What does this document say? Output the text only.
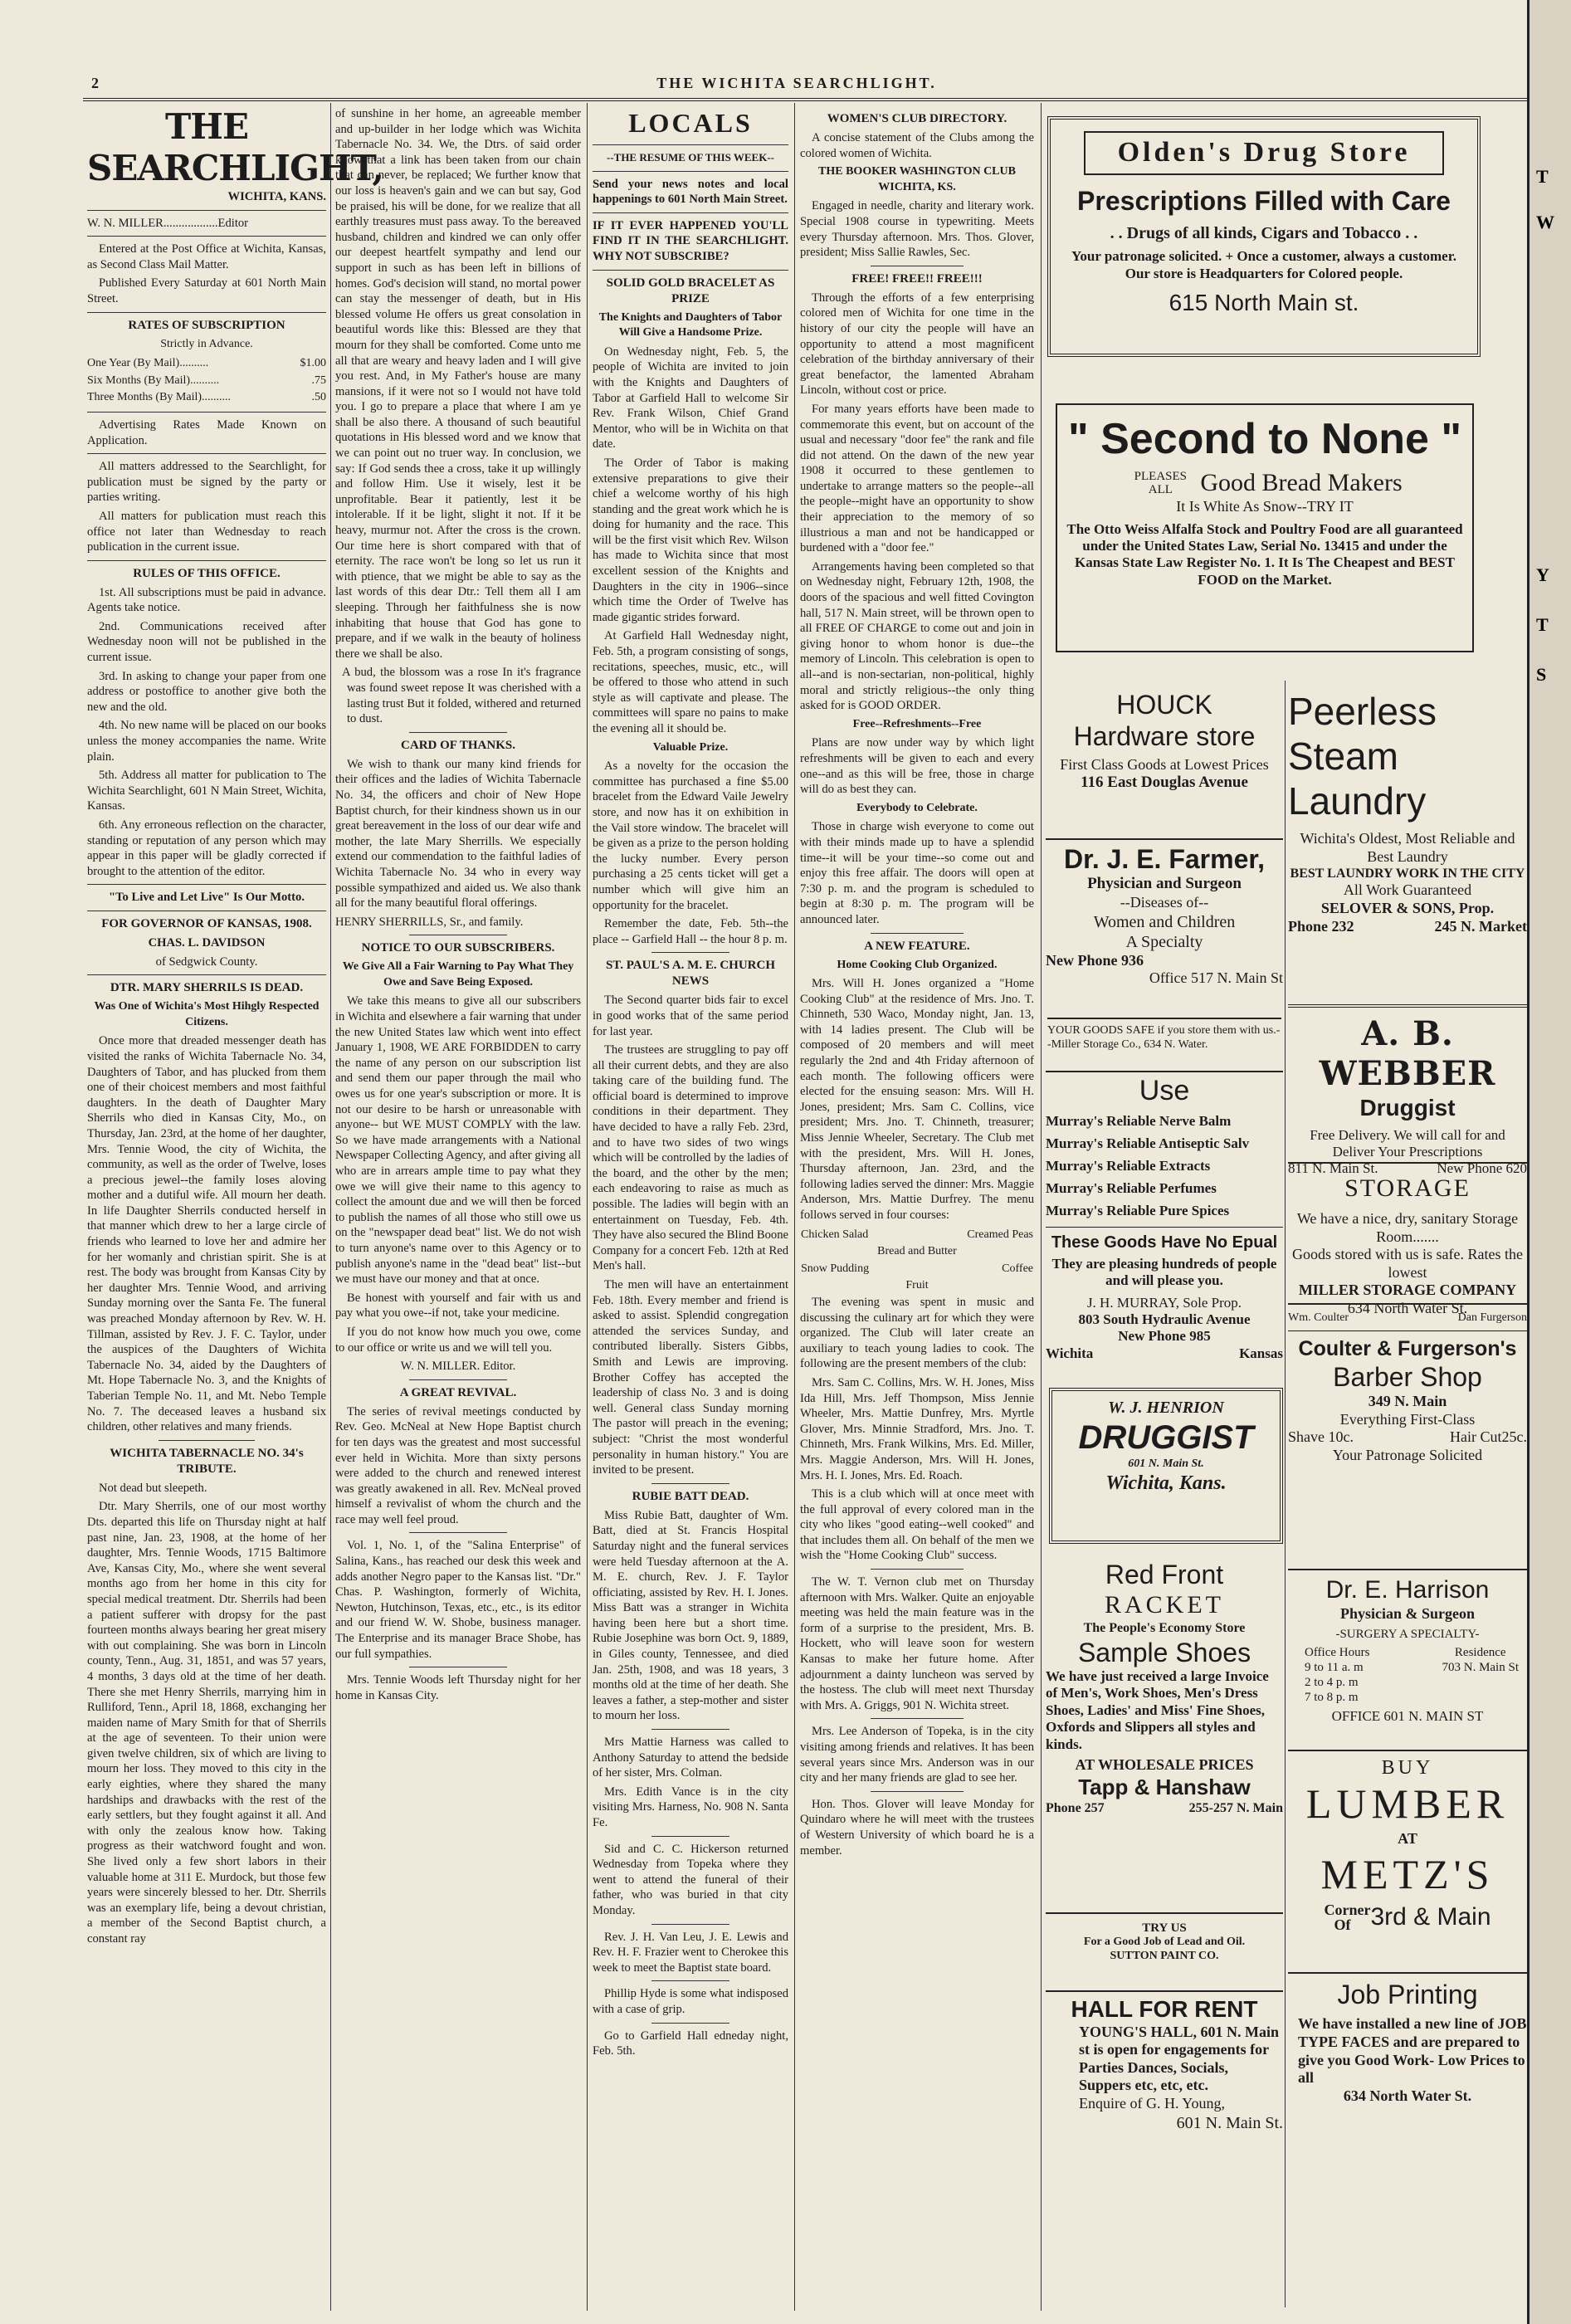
2	THE WICHITA SEARCHLIGHT.
THE SEARCHLIGHT,

WICHITA, KANS.

W. N. MILLER..................Editor

Entered at the Post Office at Wichita, Kansas, as Second Class Mail Matter.

Published Every Saturday at 601 North Main Street.

RATES OF SUBSCRIPTION
Strictly in Advance.
One Year (By Mail)..........	$1.00
Six Months (By Mail)..........	.75
Three Months (By Mail)..........	.50

Advertising Rates Made Known on Application.

All matters addressed to the Searchlight, for publication must be signed by the party or parties writing.

All matters for publication must reach this office not later than Wednesday to reach publication in the current issue.

RULES OF THIS OFFICE.

1st. All subscriptions must be paid in advance. Agents take notice.

2nd. Communications received after Wednesday noon will not be published in the current issue.

3rd. In asking to change your paper from one address or postoffice to another give both the new and the old.

4th. No new name will be placed on our books unless the money accompanies the name. Write plain.

5th. Address all matter for publication to The Wichita Searchlight, 601 N Main Street, Wichita, Kansas.

6th. Any erroneous reflection on the character, standing or reputation of any person which may appear in this paper will be gladly corrected if brought to the attention of the editor.

"To Live and Let Live" Is Our Motto.

FOR GOVERNOR OF KANSAS, 1908.

CHAS. L. DAVIDSON

of Sedgwick County.

DTR. MARY SHERRILS IS DEAD.
Was One of Wichita's Most Hihgly Respected Citizens.

Once more that dreaded messenger death has visited the ranks of Wichita Tabernacle No. 34, Daughters of Tabor, and has plucked from them one of their choicest members and most faithful daughters. In the death of Daughter Mary Sherrils who died in Kansas City, Mo., on Thursday, Jan. 23rd, at the home of her daughter, Mrs. Tennie Wood, the city of Wichita, the community, as well as the order of Twelve, loses a precious jewel--the family loses aloving mother and a dutiful wife. All mourn her death. In life Daughter Sherrils conducted herself in that manner which drew to her a large circle of friends who learned to love her and admire her for her womanly and christian spirit. She is at rest. The body was brought from Kansas City by her daughter Mrs. Tennie Wood, and arriving Sunday morning over the Santa Fe. The funeral was preached Monday afternoon by Rev. W. H. Tillman, assisted by Rev. J. F. C. Taylor, under the auspices of the Daughters of Wichita Tabernacle No. 34, aided by the Daughters of Mt. Hope Tabernacle No. 3, and the Knights of Taberian Temple No. 11, and Mt. Nebo Temple No. 7. The deceased leaves a husband six children, other relatives and many friends.

WICHITA TABERNACLE NO. 34's TRIBUTE.

Not dead but sleepeth.

Dtr. Mary Sherrils, one of our most worthy Dts. departed this life on Thursday night at half past nine, Jan. 23, 1908, at the home of her daughter, Mrs. Tennie Woods, 1715 Baltimore Ave, Kansas City, Mo., where she went several months ago from her home in this city for special medical treatment. Dtr. Sherrils had been a patient sufferer with dropsy for the past fourteen months always bearing her great misery with out complaining. She was born in Lincoln county, Tenn., Aug. 31, 1851, and was 57 years, 4 months, 3 days old at the time of her death. There she met Henry Sherrils, marrying him in Rulliford, Tenn., April 18, 1868, exchanging her maiden name of Mary Smith for that of Sherrils at the age of seventeen. To their union were given twelve children, six of which are living to mourn her loss. They moved to this city in the early eighties, where they shared the many hardships and drawbacks with the rest of the early settlers, but they fought against it all. And with only the zealous know how. Taking progress as their watchword fought and won. She lived only a few short labors in their valuable home at 311 E. Murdock, but those few years were sincerely blessed to her. Dtr. Sherrils was an exemplary life, being a devout christian, a member of the Second Baptist church, a constant ray

of sunshine in her home, an agreeable member and up-builder in her lodge which was Wichita Tabernacle No. 34. We, the Dtrs. of said order know that a link has been taken from our chain that can never, be replaced; We further know that our loss is heaven's gain and we can but say, God be praised, his will be done, for we realize that all earthly treasures must pass away. To the bereaved husband, children and kindred we can only offer our deepest heartfelt sympathy and lend our support in such as has been left in billions of homes. God's decision will stand, no mortal power can stay the messenger of death, but in His blessed volume He offers us great consolation in beautiful words like this: Blessed are they that mourn for they shall be comforted. Come unto me all that are weary and heavy laden and I will give you rest. And, in My Father's house are many mansions, if it were not so I would not have told you. I go to prepare a place that where I am ye shall be also there. A thousand of such beautiful quotations in His blessed word and we know that we can point out no truer way. In conclusion, we say: If God sends thee a cross, take it up willingly and follow Him. Use it wisely, lest it be unprofitable. Bear it patiently, lest it be intolerable. If it be light, slight it not. If it be heavy, murmur not. After the cross is the crown. Our time here is short compared with that of eternity. The race won't be long so let us run it with ptience, that we might be able to say as the last words of this dear Dtr.: Tell them all I am sleeping. Through her faithfulness she is now inhabiting that house that God has gone to prepare, and if we walk in the beauty of holiness there we shall be also.

A bud, the blossom was a rose In it's fragrance was found sweet repose It was cherished with a lasting trust But it folded, withered and returned to dust.

CARD OF THANKS.

We wish to thank our many kind friends for their offices and the ladies of Wichita Tabernacle No. 34, the officers and choir of New Hope Baptist church, for their kindness shown us in our great bereavement in the loss of our dear wife and mother, the late Mary Sherrills. We especially extend our commendation to the faithful ladies of Wichita Tabernacle No. 34 who in every way possible sympathized and aided us. We also thank all for the many beautiful floral offerings.

HENRY SHERRILLS, Sr., and family.

NOTICE TO OUR SUBSCRIBERS.
We Give All a Fair Warning to Pay What They Owe and Save Being Exposed.

We take this means to give all our subscribers in Wichita and elsewhere a fair warning that under the new United States law which went into effect January 1, 1908, WE ARE FORBIDDEN to carry the name of any person on our subscription list and send them our paper through the mail who owes us for one year's subscription or more. It is not our desire to be harsh or unreasonable with anyone-- but WE MUST COMPLY with the law. So we have made arrangements with a National Newspaper Collecting Agency, and after giving all who are in arrears ample time to pay what they owe we will give their name to this agency to collect the amount due and we will then be forced to publish the names of all those who still owe us on the "newspaper dead beat" list. We do not wish to turn anyone's name over to this Agency or to publish anyone's name in the "dead beat" list--but we must have our money and that at once.

Be honest with yourself and fair with us and pay what you owe--if not, take your medicine.

If you do not know how much you owe, come to our office or write us and we will tell you.

W. N. MILLER. Editor.

A GREAT REVIVAL.

The series of revival meetings conducted by Rev. Geo. McNeal at New Hope Baptist church for ten days was the greatest and most successful ever held in Wichita. More than sixty persons were added to the church and renewed interest was greatly awakened in all. Rev. McNeal proved himself a revivalist of whom the church and the race may well feel proud.

Vol. 1, No. 1, of the "Salina Enterprise" of Salina, Kans., has reached our desk this week and adds another Negro paper to the Kansas list. "Dr." Chas. P. Washington, formerly of Wichita, Newton, Hutchinson, Texas, etc., etc., is its editor and our friend W. W. Shobe, business manager. The Enterprise and its manager Brace Shobe, has our full sympathies.

Mrs. Tennie Woods left Thursday night for her home in Kansas City.

LOCALS

--THE RESUME OF THIS WEEK--

Send your news notes and local happenings to 601 North Main Street.

IF IT EVER HAPPENED YOU'LL FIND IT IN THE SEARCHLIGHT. WHY NOT SUBSCRIBE?

SOLID GOLD BRACELET AS PRIZE
The Knights and Daughters of Tabor Will Give a Handsome Prize.

On Wednesday night, Feb. 5, the people of Wichita are invited to join with the Knights and Daughters of Tabor at Garfield Hall to welcome Sir Rev. Frank Wilson, Chief Grand Mentor, who will be in Wichita on that date.

The Order of Tabor is making extensive preparations to give their chief a welcome worthy of his high standing and the great work which he is doing for humanity and the race. This will be the first visit which Rev. Wilson has made to Wichita since that most excellent session of the Knights and Daughters in the city in 1906--since which time the Order of Twelve has made gigantic strides forward.

At Garfield Hall Wednesday night, Feb. 5th, a program consisting of songs, recitations, speeches, music, etc., will be offered to those who attend in such style as will captivate and please. The committees will spare no pains to make the evening all it should be.

Valuable Prize.

As a novelty for the occasion the committee has purchased a fine $5.00 bracelet from the Edward Vaile Jewelry store, and now has it on exhibition in the Vail store window. The bracelet will be given as a prize to the person holding the lucky number. Every person purchasing a 25 cents ticket will get a number which will give him an opportunity for the bracelet.

Remember the date, Feb. 5th--the place -- Garfield Hall -- the hour 8 p. m.

ST. PAUL'S A. M. E. CHURCH NEWS

The Second quarter bids fair to excel in good works that of the same period for last year.

The trustees are struggling to pay off all their current debts, and they are also taking care of the building fund. The official board is determined to improve conditions in their department. They have decided to have a rally Feb. 23rd, and to have two sides of two wings which will be controlled by the ladies of the board, and the other by the men; each endeavoring to raise as much as possible. The ladies will begin with an entertainment on Tuesday, Feb. 4th. They have also secured the Blind Boone Company for a concert Feb. 12th at Red Men's hall.

The men will have an entertainment Feb. 18th. Every member and friend is asked to assist. Splendid congregation attended the services Sunday, and contributed liberally. Sisters Gibbs, Smith and Lewis are improving. Brother Coffey has accepted the leadership of class No. 3 and is doing well. General class Sunday morning The pastor will preach in the evening; subject: "Christ the most wonderful personality in human history." You are invited to be present.

RUBIE BATT DEAD.

Miss Rubie Batt, daughter of Wm. Batt, died at St. Francis Hospital Saturday night and the funeral services were held Tuesday afternoon at the A. M. E. church, Rev. J. F. Taylor officiating, assisted by Rev. H. I. Jones. Miss Batt was a stranger in Wichita having been here but a short time. Rubie Josephine was born Oct. 9, 1889, in Giles county, Tennessee, and died Jan. 25th, 1908, and was 18 years, 3 months old at the time of her death. She leaves a father, a step-mother and sister to mourn her loss.

Mrs Mattie Harness was called to Anthony Saturday to attend the bedside of her sister, Mrs. Colman.

Mrs. Edith Vance is in the city visiting Mrs. Harness, No. 908 N. Santa Fe.

Sid and C. C. Hickerson returned Wednesday from Topeka where they went to attend the funeral of their father, who was buried in that city Monday.

Rev. J. H. Van Leu, J. E. Lewis and Rev. H. F. Frazier went to Cherokee this week to meet the Baptist state board.

Phillip Hyde is some what indisposed with a case of grip.

Go to Garfield Hall edneday night, Feb. 5th.

WOMEN'S CLUB DIRECTORY.

A concise statement of the Clubs among the colored women of Wichita.

THE BOOKER WASHINGTON CLUB WICHITA, KS.

Engaged in needle, charity and literary work. Special 1908 course in typewriting. Meets every Thursday afternoon. Mrs. Thos. Glover, president; Miss Sallie Rawles, Sec.

FREE! FREE!! FREE!!!

Through the efforts of a few enterprising colored men of Wichita for one time in the history of our city the people will have an opportunity to attend a most magnificent celebration of the birthday anniversary of their great benefactor, the lamented Abraham Lincoln, without cost or price.

For many years efforts have been made to commemorate this event, but on account of the usual and necessary "door fee" the rank and file did not attend. On the dawn of the new year 1908 it occurred to these gentlemen to undertake to arrange matters so the people--all the people--might have an opportunity to show their appreciation to the memory of so illustrious a man and not be handicapped or burdened with a "door fee."

Arrangements having been completed so that on Wednesday night, February 12th, 1908, the doors of the spacious and well fitted Covington hall, 517 N. Main street, will be thrown open to all FREE OF CHARGE to come out and join in giving honor to whom honor is due--the memory of Lincoln. This celebration is open to all--and is non-sectarian, non-political, highly moral and strictly religious--the only thing asked for is GOOD ORDER.

Free--Refreshments--Free

Plans are now under way by which light refreshments will be given to each and every one--and as this will be free, those in charge will do as best they can.

Everybody to Celebrate.

Those in charge wish everyone to come out with their minds made up to have a splendid time--it will be your time--so come out and enjoy this free affair. The doors will open at 7:30 p. m. and the program is scheduled to begin at 8:30 p. m. The program will be announced later.

A NEW FEATURE.
Home Cooking Club Organized.

Mrs. Will H. Jones organized a "Home Cooking Club" at the residence of Mrs. Jno. T. Chinneth, 530 Waco, Monday night, Jan. 13, with 14 ladies present. The Club will be composed of 20 members and will meet regularly the 2nd and 4th Friday afternoon of each month. The following officers were elected for the ensuing season: Mrs. Will H. Jones, president; Mrs. Sam C. Collins, vice president; Mrs. Jno. T. Chinneth, treasurer; Miss Jennie Wheeler, Secretary. The Club met with the president, Mrs. Will H. Jones, Thursday afternoon, Jan. 23rd, and the following ladies served the dinner: Mrs. Maggie Anderson, Mrs. Mattie Durfrey. The menu follows served in four courses:

Chicken Salad	Creamed Peas
Bread and Butter	
Snow Pudding	Coffee
Fruit	

The evening was spent in music and discussing the culinary art for which they were organized. The Club will later create an auxiliary to teach young ladies to cook. The following are the present members of the club:

Mrs. Sam C. Collins, Mrs. W. H. Jones, Miss Ida Hill, Mrs. Jeff Thompson, Miss Jennie Wheeler, Mrs. Mattie Dunfrey, Mrs. Myrtle Glover, Mrs. Minnie Stradford, Mrs. Jno. T. Chinneth, Mrs. Frank Wilkins, Mrs. Ed. Miller, Mrs. Maggie Anderson, Mrs. Will H. Jones, Mrs. H. I. Jones, Mrs. Ed. Roach.

This is a club which will at once meet with the full approval of every colored man in the city who likes "good eating--well cooked" and that includes them all. On behalf of the men we wish the "Home Cooking Club" success.

The W. T. Vernon club met on Thursday afternoon with Mrs. Walker. Quite an enjoyable meeting was held the main feature was in the form of a surprise to the president, Mrs. B. Hockett, who will leave soon for western Kansas to make her future home. After adjournment a dainty luncheon was served by the hostess. The club will meet next Thursday with Mrs. A. Griggs, 901 N. Wichita street.

Mrs. Lee Anderson of Topeka, is in the city visiting among friends and relatives. It has been several years since Mrs. Anderson was in our city and her many friends are glad to see her.

Hon. Thos. Glover will leave Monday for Quindaro where he will meet with the trustees of Western University of which board he is a member.

Olden's Drug Store
Prescriptions Filled with Care
. . Drugs of all kinds, Cigars and Tobacco . .
Your patronage solicited. + Once a customer, always a customer. Our store is Headquarters for Colored people.
615 North Main st.
" Second to None "
PLEASES ALL	Good Bread Makers
It Is White As Snow--TRY IT
The Otto Weiss Alfalfa Stock and Poultry Food are all guaranteed under the United States Law, Serial No. 13415 and under the Kansas State Law Register No. 1. It Is The Cheapest and BEST FOOD on the Market.
HOUCK
Hardware store
First Class Goods at Lowest Prices
116 East Douglas Avenue
Dr. J. E. Farmer,
Physician and Surgeon
--Diseases of--
Women and Children
A Specialty
New Phone 936
Office 517 N. Main St
YOUR GOODS SAFE if you store them with us.--Miller Storage Co., 634 N. Water.
Use
Murray's Reliable Nerve Balm
Murray's Reliable Antiseptic Salv
Murray's Reliable Extracts
Murray's Reliable Perfumes
Murray's Reliable Pure Spices
These Goods Have No Epual
They are pleasing hundreds of people and will please you.
J. H. MURRAY, Sole Prop.
803 South Hydraulic Avenue
New Phone 985
Wichita	Kansas
W. J. HENRION
DRUGGIST
601 N. Main St.
Wichita, Kans.
Red Front
RACKET
The People's Economy Store
Sample Shoes
We have just received a large Invoice of Men's, Work Shoes, Men's Dress Shoes, Ladies' and Miss' Fine Shoes, Oxfords and Slippers all styles and kinds.
AT WHOLESALE PRICES
Tapp & Hanshaw
Phone 257	255-257 N. Main
TRY US
For a Good Job of Lead and Oil.
SUTTON PAINT CO.
HALL FOR RENT
YOUNG'S HALL, 601 N. Main st is open for engagements for Parties Dances, Socials, Suppers etc, etc, etc.
Enquire of G. H. Young,
601 N. Main St.
Peerless
Steam
Laundry
Wichita's Oldest, Most Reliable and Best Laundry
BEST LAUNDRY WORK IN THE CITY
All Work Guaranteed
SELOVER & SONS, Prop.
Phone 232	245 N. Market
A. B. WEBBER
Druggist
Free Delivery. We will call for and Deliver Your Prescriptions
811 N. Main St.	New Phone 620
STORAGE
We have a nice, dry, sanitary Storage Room.......
Goods stored with us is safe. Rates the lowest
MILLER STORAGE COMPANY
634 North Water St.
Wm. Coulter	Dan Furgerson
Coulter & Furgerson's
Barber Shop
349 N. Main
Everything First-Class
Shave 10c.	Hair Cut25c.
Your Patronage Solicited
Dr. E. Harrison
Physician & Surgeon
-SURGERY A SPECIALTY-
Office Hours
9 to 11 a. m
2 to 4 p. m
7 to 8 p. m
Residence
703 N. Main St
OFFICE 601 N. MAIN ST
BUY
LUMBER
AT
METZ'S
Corner Of 3rd & Main
Job Printing
We have installed a new line of JOB TYPE FACES and are prepared to give you Good Work- Low Prices to all
634 North Water St.
T
W
Y
T
S
